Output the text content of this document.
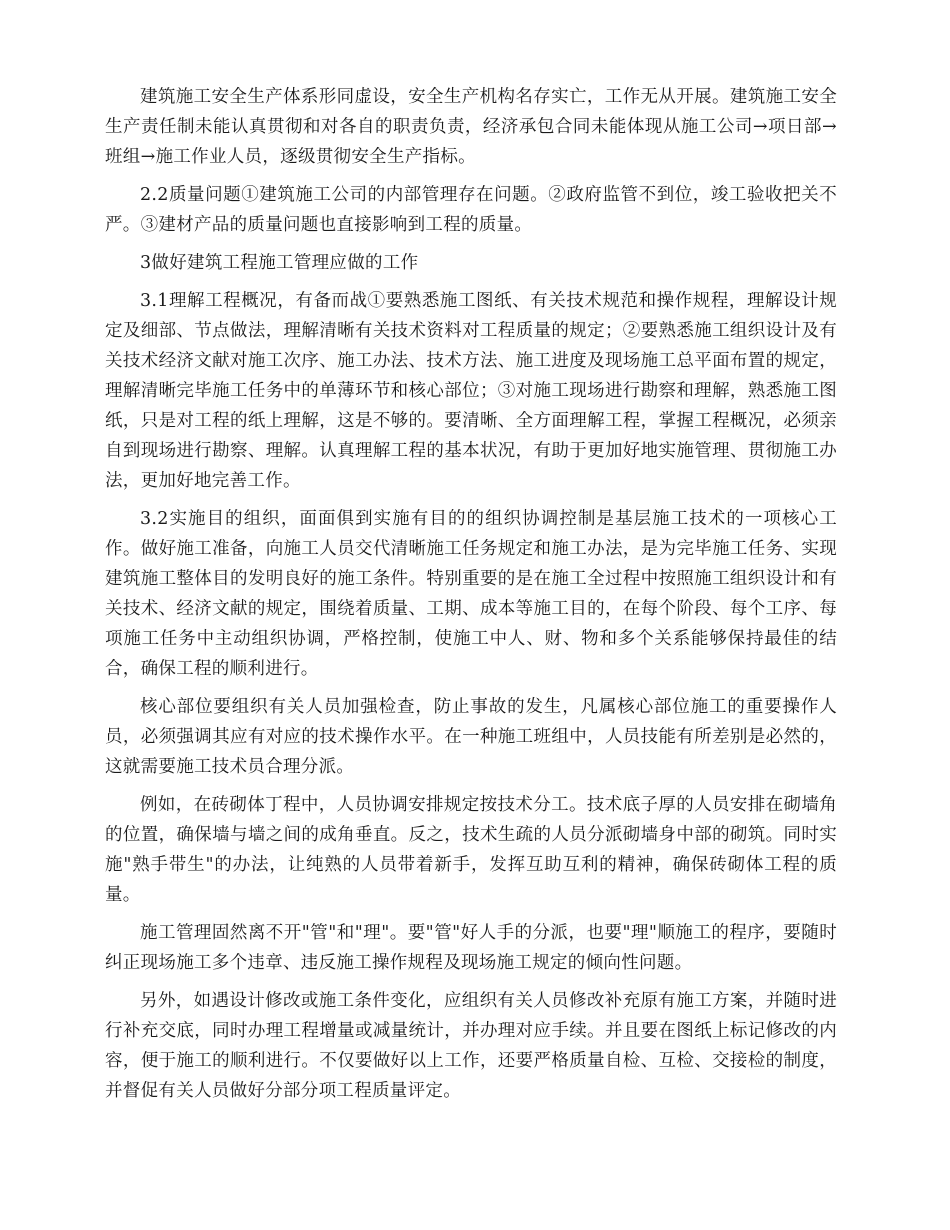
建筑施工安全生产体系形同虚设，安全生产机构名存实亡，工作无从开展。建筑施工安全生产责任制未能认真贯彻和对各自的职责负责，经济承包合同未能体现从施工公司→项日部→班组→施工作业人员，逐级贯彻安全生产指标。

2.2质量问题①建筑施工公司的内部管理存在问题。②政府监管不到位，竣工验收把关不严。③建材产品的质量问题也直接影响到工程的质量。

3做好建筑工程施工管理应做的工作

3.1理解工程概况，有备而战①要熟悉施工图纸、有关技术规范和操作规程，理解设计规定及细部、节点做法，理解清晰有关技术资料对工程质量的规定；②要熟悉施工组织设计及有关技术经济文献对施工次序、施工办法、技术方法、施工进度及现场施工总平面布置的规定，理解清晰完毕施工任务中的单薄环节和核心部位；③对施工现场进行勘察和理解，熟悉施工图纸，只是对工程的纸上理解，这是不够的。要清晰、全方面理解工程，掌握工程概况，必须亲自到现场进行勘察、理解。认真理解工程的基本状况，有助于更加好地实施管理、贯彻施工办法，更加好地完善工作。

3.2实施目的组织，面面俱到实施有目的的组织协调控制是基层施工技术的一项核心工作。做好施工准备，向施工人员交代清晰施工任务规定和施工办法，是为完毕施工任务、实现建筑施工整体目的发明良好的施工条件。特别重要的是在施工全过程中按照施工组织设计和有关技术、经济文献的规定，围绕着质量、工期、成本等施工目的，在每个阶段、每个工序、每项施工任务中主动组织协调，严格控制，使施工中人、财、物和多个关系能够保持最佳的结合，确保工程的顺利进行。

核心部位要组织有关人员加强检查，防止事故的发生，凡属核心部位施工的重要操作人员，必须强调其应有对应的技术操作水平。在一种施工班组中，人员技能有所差别是必然的，这就需要施工技术员合理分派。

例如，在砖砌体丁程中，人员协调安排规定按技术分工。技术底子厚的人员安排在砌墙角的位置，确保墙与墙之间的成角垂直。反之，技术生疏的人员分派砌墙身中部的砌筑。同时实施"熟手带生"的办法，让纯熟的人员带着新手，发挥互助互利的精神，确保砖砌体工程的质量。

施工管理固然离不开"管"和"理"。要"管"好人手的分派，也要"理"顺施工的程序，要随时纠正现场施工多个违章、违反施工操作规程及现场施工规定的倾向性问题。

另外，如遇设计修改或施工条件变化，应组织有关人员修改补充原有施工方案，并随时进行补充交底，同时办理工程增量或减量统计，并办理对应手续。并且要在图纸上标记修改的内容，便于施工的顺利进行。不仅要做好以上工作，还要严格质量自检、互检、交接检的制度，并督促有关人员做好分部分项工程质量评定。
